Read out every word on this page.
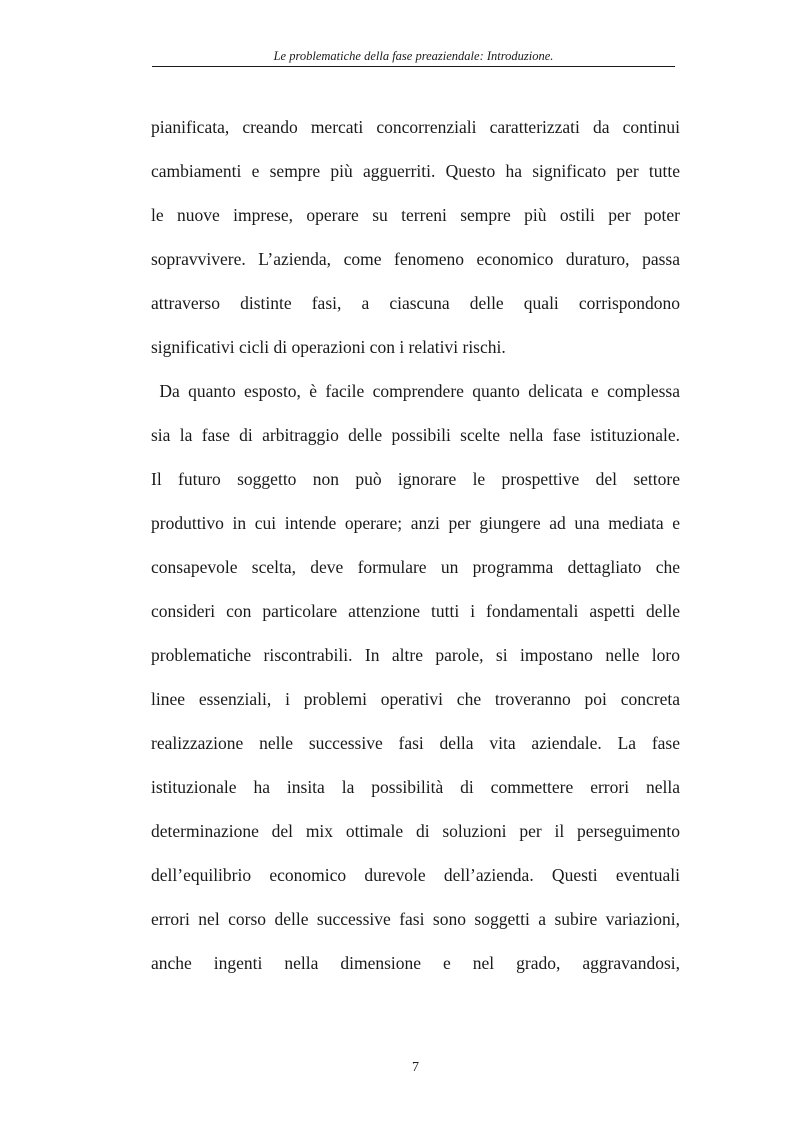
Le problematiche della fase preaziendale: Introduzione.
pianificata, creando mercati concorrenziali caratterizzati da continui
cambiamenti e sempre più agguerriti. Questo ha significato per tutte
le nuove imprese, operare su terreni sempre più ostili per poter
sopravvivere. L’azienda, come fenomeno economico duraturo, passa
attraverso distinte fasi, a ciascuna delle quali corrispondono
significativi cicli di operazioni con i relativi rischi.
Da quanto esposto, è facile comprendere quanto delicata e complessa
sia la fase di arbitraggio delle possibili scelte nella fase istituzionale.
Il futuro soggetto non può ignorare le prospettive del settore
produttivo in cui intende operare; anzi per giungere ad una mediata e
consapevole scelta, deve formulare un programma dettagliato che
consideri con particolare attenzione tutti i fondamentali aspetti delle
problematiche riscontrabili. In altre parole, si impostano nelle loro
linee essenziali, i problemi operativi che troveranno poi concreta
realizzazione nelle successive fasi della vita aziendale. La fase
istituzionale ha insita la possibilità di commettere errori nella
determinazione del mix ottimale di soluzioni per il perseguimento
dell’equilibrio economico durevole dell’azienda. Questi eventuali
errori nel corso delle successive fasi sono soggetti a subire variazioni,
anche ingenti nella dimensione e nel grado, aggravandosi,
7
